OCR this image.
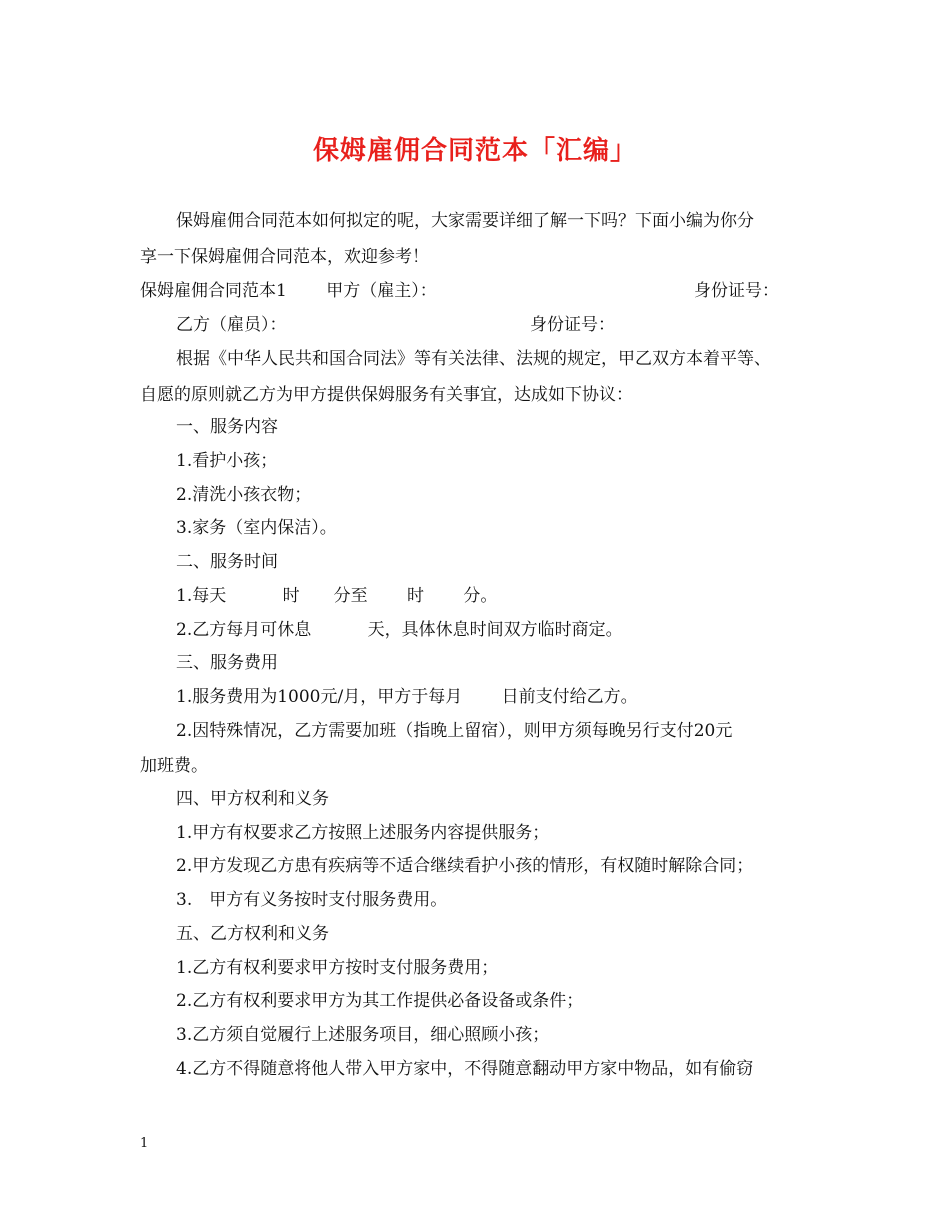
保姆雇佣合同范本「汇编」
保姆雇佣合同范本如何拟定的呢，大家需要详细了解一下吗？下面小编为你分
享一下保姆雇佣合同范本，欢迎参考！
保姆雇佣合同范本1　　 甲方（雇主）：	身份证号：
乙方（雇员）：	身份证号：
根据《中华人民共和国合同法》等有关法律、法规的规定，甲乙双方本着平等、
自愿的原则就乙方为甲方提供保姆服务有关事宜，达成如下协议：
一、服务内容
1.看护小孩；
2.清洗小孩衣物；
3.家务（室内保洁）。
二、服务时间
1.每天　　　 时　　分至　　 时　　 分。
2.乙方每月可休息　　　 天，具体休息时间双方临时商定。
三、服务费用
1.服务费用为1000元/月，甲方于每月　　 日前支付给乙方。
2.因特殊情况，乙方需要加班（指晚上留宿），则甲方须每晚另行支付20元
加班费。
四、甲方权利和义务
1.甲方有权要求乙方按照上述服务内容提供服务；
2.甲方发现乙方患有疾病等不适合继续看护小孩的情形，有权随时解除合同；
3.　甲方有义务按时支付服务费用。
五、乙方权利和义务
1.乙方有权利要求甲方按时支付服务费用；
2.乙方有权利要求甲方为其工作提供必备设备或条件；
3.乙方须自觉履行上述服务项目，细心照顾小孩；
4.乙方不得随意将他人带入甲方家中，不得随意翻动甲方家中物品，如有偷窃
1
